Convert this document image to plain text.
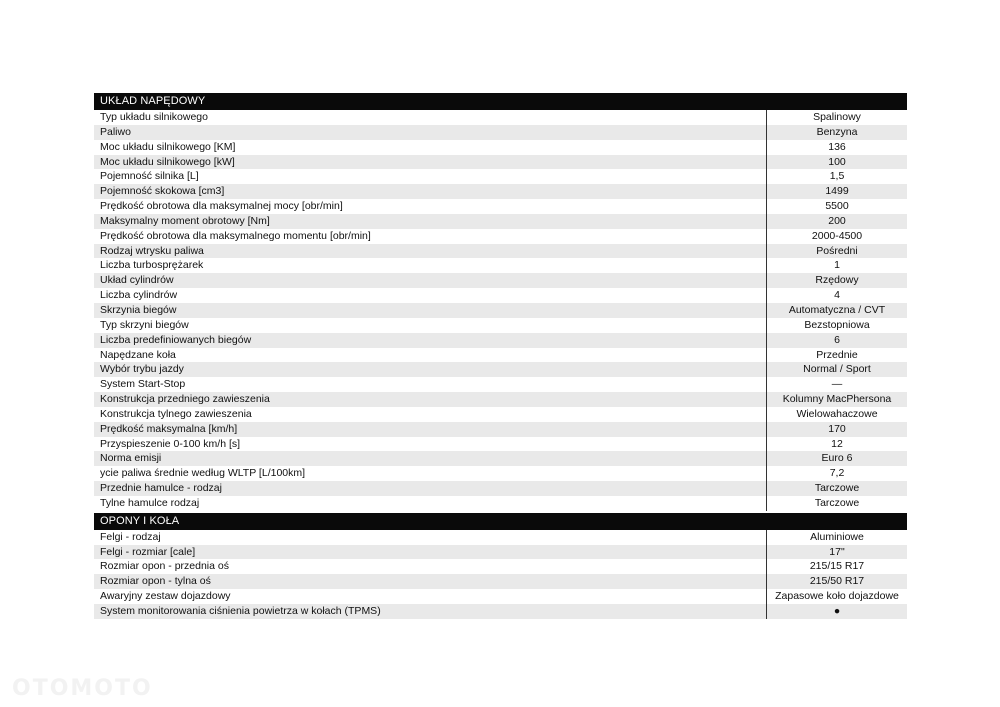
UKŁAD NAPĘDOWY
Typ układu silnikowego	Spalinowy
Paliwo	Benzyna
Moc układu silnikowego [KM]	136
Moc układu silnikowego [kW]	100
Pojemność silnika [L]	1,5
Pojemność skokowa [cm3]	1499
Prędkość obrotowa dla maksymalnej mocy [obr/min]	5500
Maksymalny moment obrotowy [Nm]	200
Prędkość obrotowa dla maksymalnego momentu [obr/min]	2000-4500
Rodzaj wtrysku paliwa	Pośredni
Liczba turbosprężarek	1
Układ cylindrów	Rzędowy
Liczba cylindrów	4
Skrzynia biegów	Automatyczna / CVT
Typ skrzyni biegów	Bezstopniowa
Liczba predefiniowanych biegów	6
Napędzane koła	Przednie
Wybór trybu jazdy	Normal / Sport
System Start-Stop	—
Konstrukcja przedniego zawieszenia	Kolumny MacPhersona
Konstrukcja tylnego zawieszenia	Wielowahaczowe
Prędkość maksymalna [km/h]	170
Przyspieszenie 0-100 km/h [s]	12
Norma emisji	Euro 6
ycie paliwa średnie według WLTP [L/100km]	7,2
Przednie hamulce - rodzaj	Tarczowe
Tylne hamulce rodzaj	Tarczowe
OPONY I KOŁA
Felgi - rodzaj	Aluminiowe
Felgi - rozmiar [cale]	17"
Rozmiar opon - przednia oś	215/15 R17
Rozmiar opon - tylna oś	215/50 R17
Awaryjny zestaw dojazdowy	Zapasowe koło dojazdowe
System monitorowania ciśnienia powietrza w kołach (TPMS)	●
OTOMOTO
